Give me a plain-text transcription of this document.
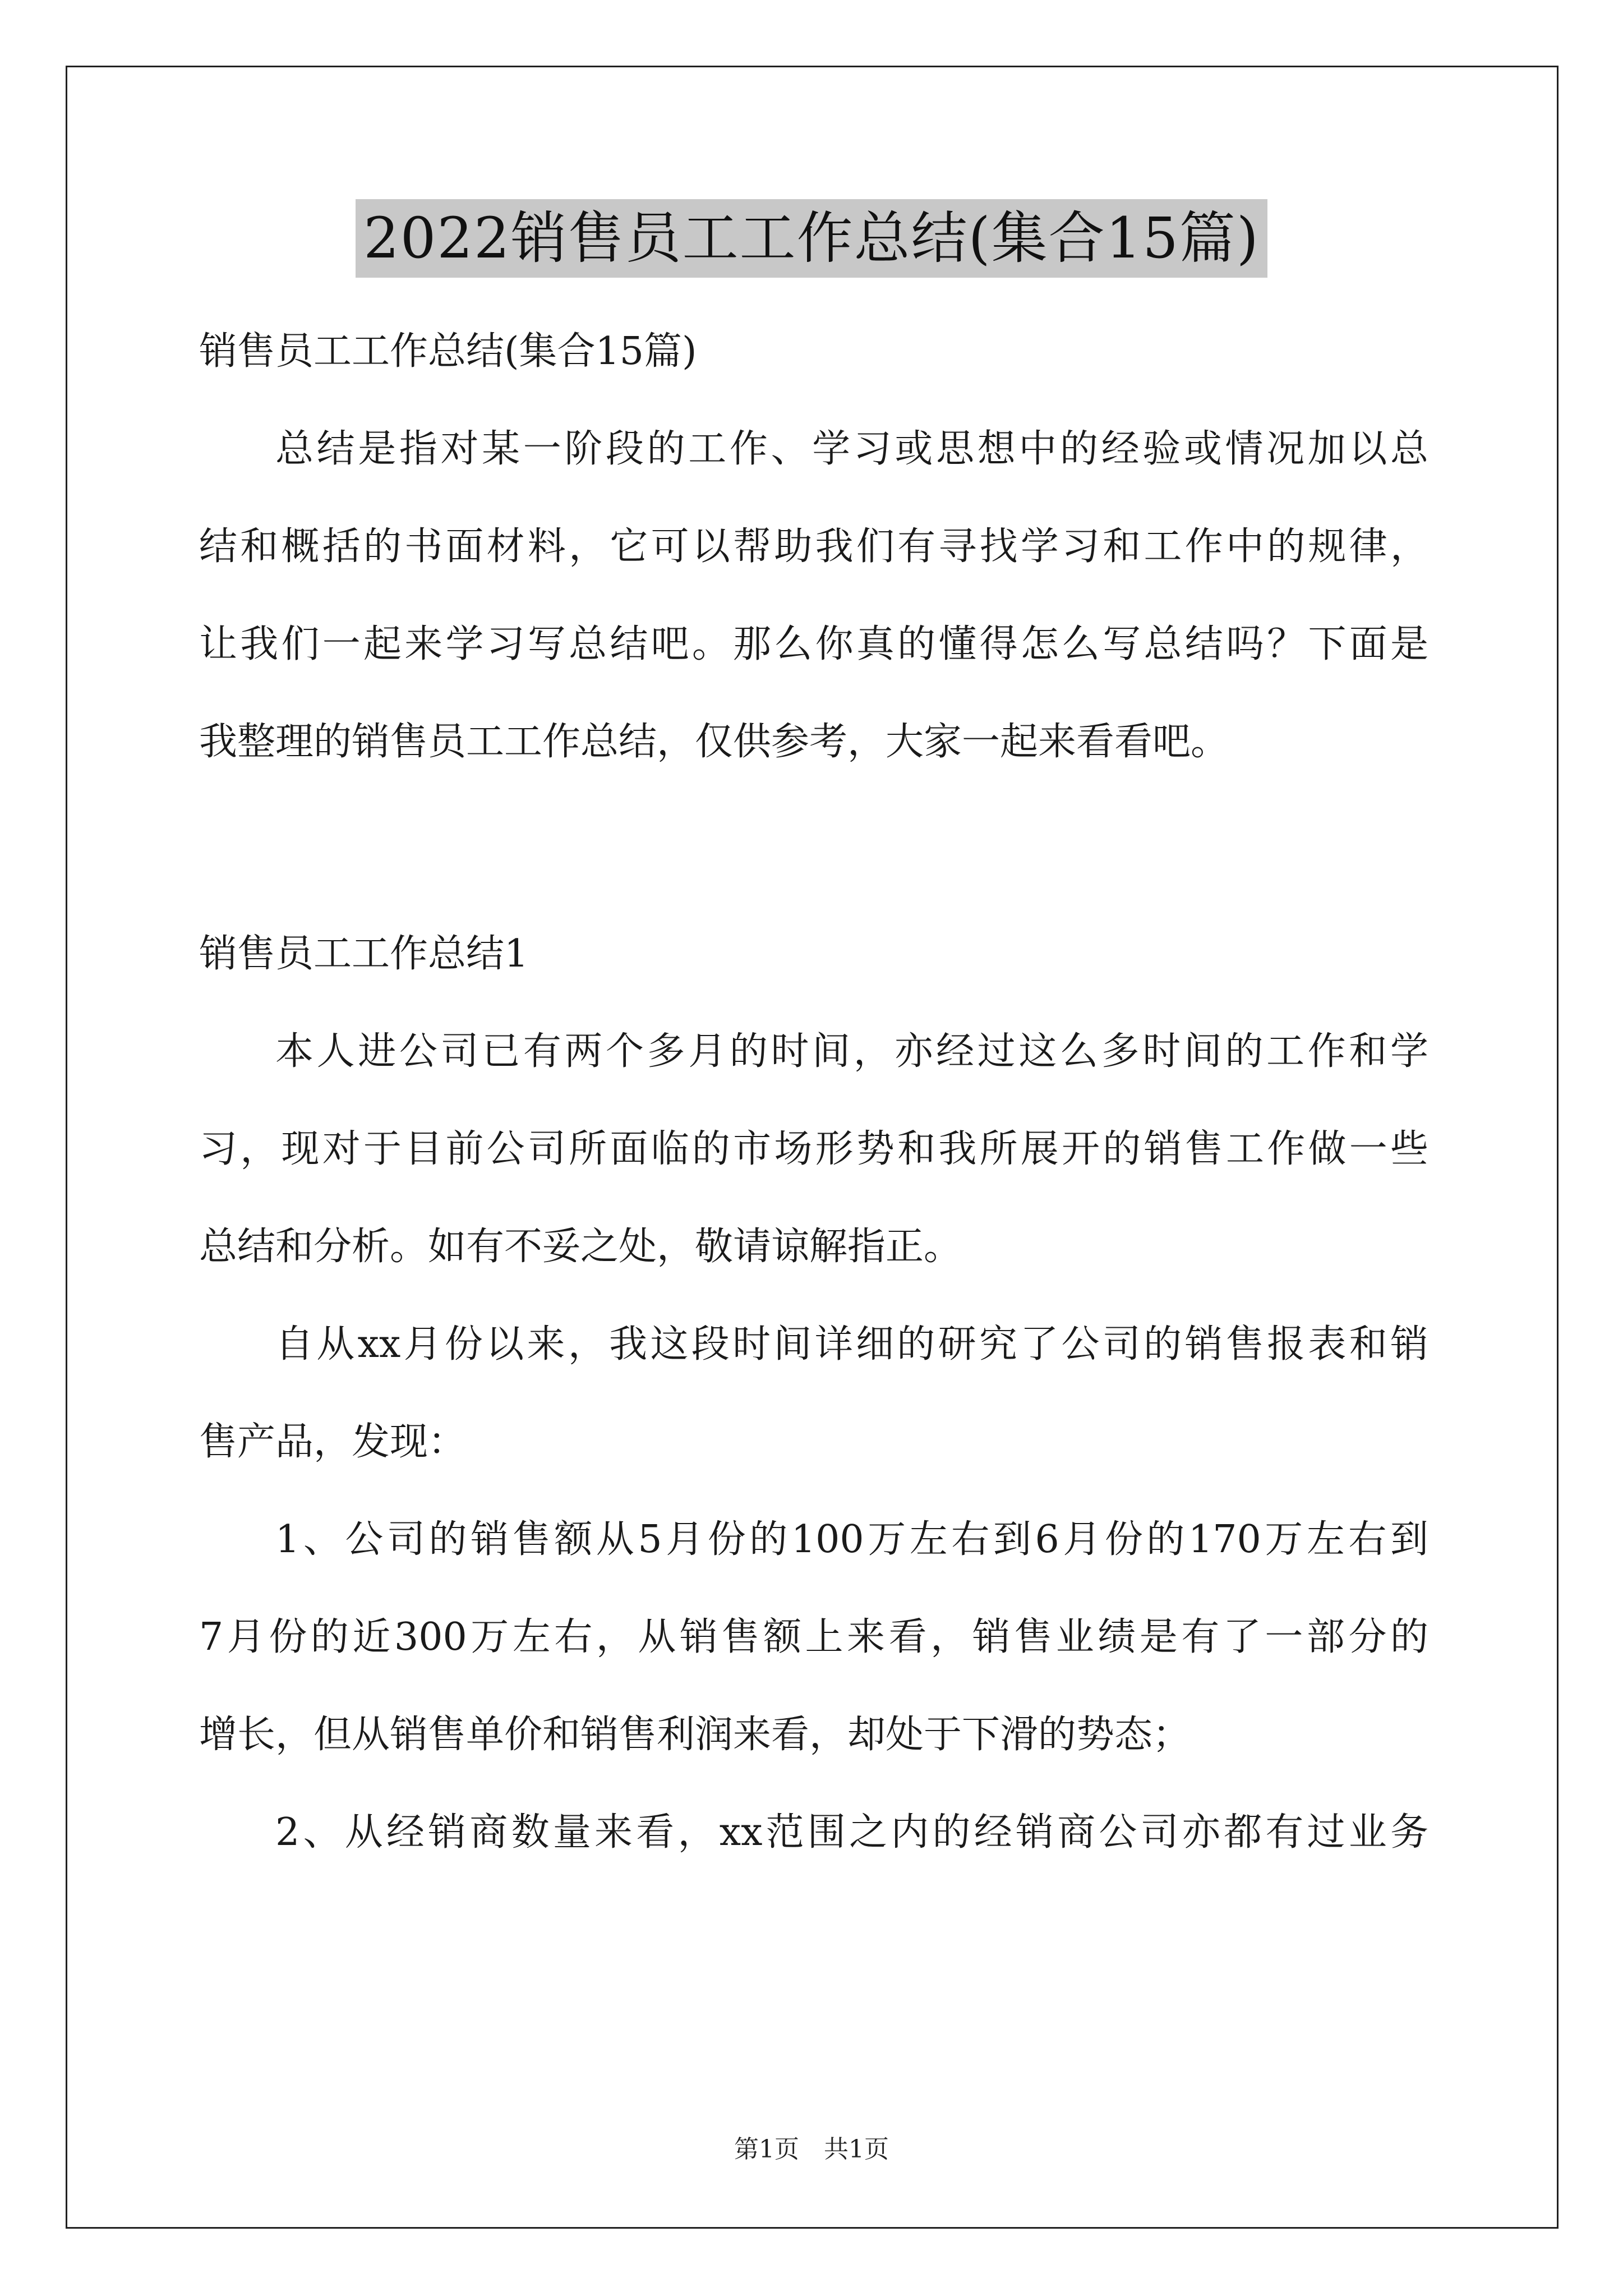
2022销售员工工作总结(集合15篇)
销售员工工作总结(集合15篇)
总结是指对某一阶段的工作、学习或思想中的经验或情况加以总
结和概括的书面材料，它可以帮助我们有寻找学习和工作中的规律，
让我们一起来学习写总结吧。那么你真的懂得怎么写总结吗？下面是
我整理的销售员工工作总结，仅供参考，大家一起来看看吧。
销售员工工作总结1
本人进公司已有两个多月的时间，亦经过这么多时间的工作和学
习，现对于目前公司所面临的市场形势和我所展开的销售工作做一些
总结和分析。如有不妥之处，敬请谅解指正。
自从xx月份以来，我这段时间详细的研究了公司的销售报表和销
售产品，发现：
1、公司的销售额从5月份的100万左右到6月份的170万左右到
7月份的近300万左右，从销售额上来看，销售业绩是有了一部分的
增长，但从销售单价和销售利润来看，却处于下滑的势态；
2、从经销商数量来看，xx范围之内的经销商公司亦都有过业务
第1页　共1页
